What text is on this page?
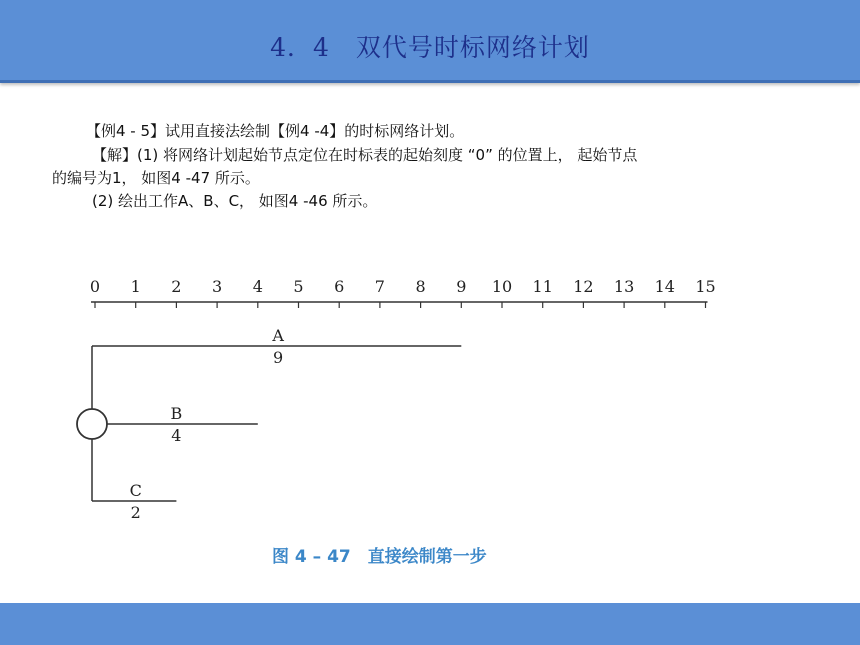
4．4　双代号时标网络计划
【例4 - 5】试用直接法绘制【例4 -4】的时标网络计划。
【解】(1) 将网络计划起始节点定位在时标表的起始刻度 “0” 的位置上， 起始节点
的编号为1， 如图4 -47 所示。
(2) 绘出工作A、B、C， 如图4 -46 所示。
0 1 2 3 4 5 6 7 8 9 10 11 12 13 14 15
A
9
B
4
C
2
图 4 – 47　直接绘制第一步
